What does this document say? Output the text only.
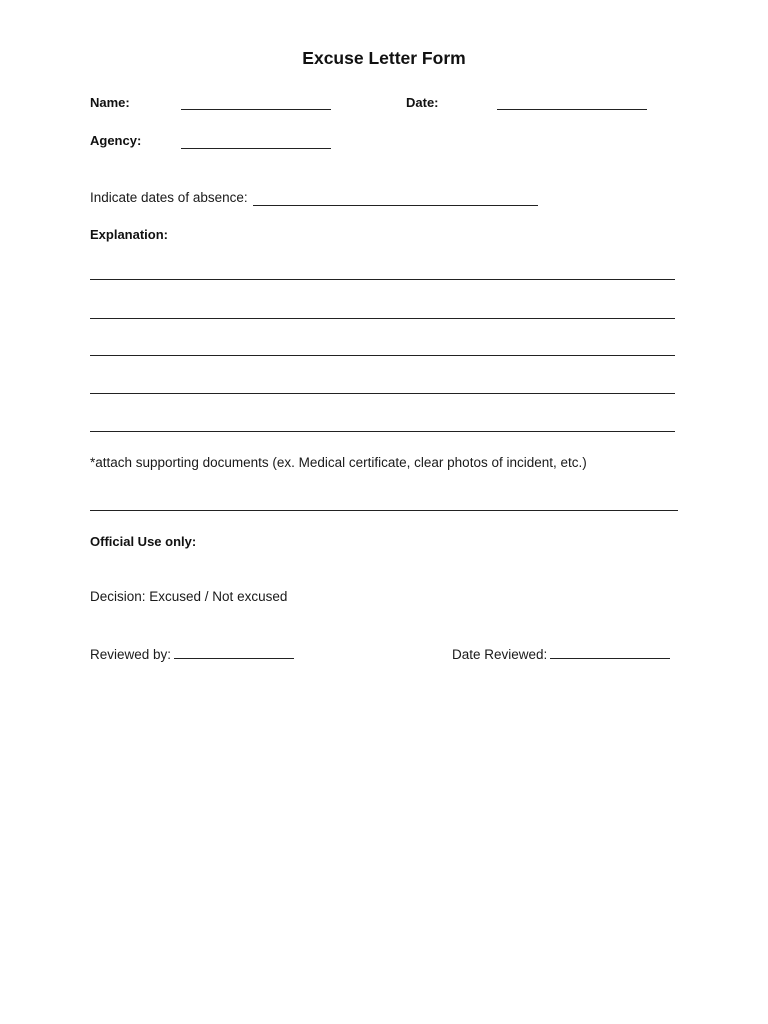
Excuse Letter Form
Name:	Date:
Agency:
Indicate dates of absence:
Explanation:
*attach supporting documents (ex. Medical certificate, clear photos of incident, etc.)
Official Use only:
Decision: Excused / Not excused
Reviewed by:	Date Reviewed:
